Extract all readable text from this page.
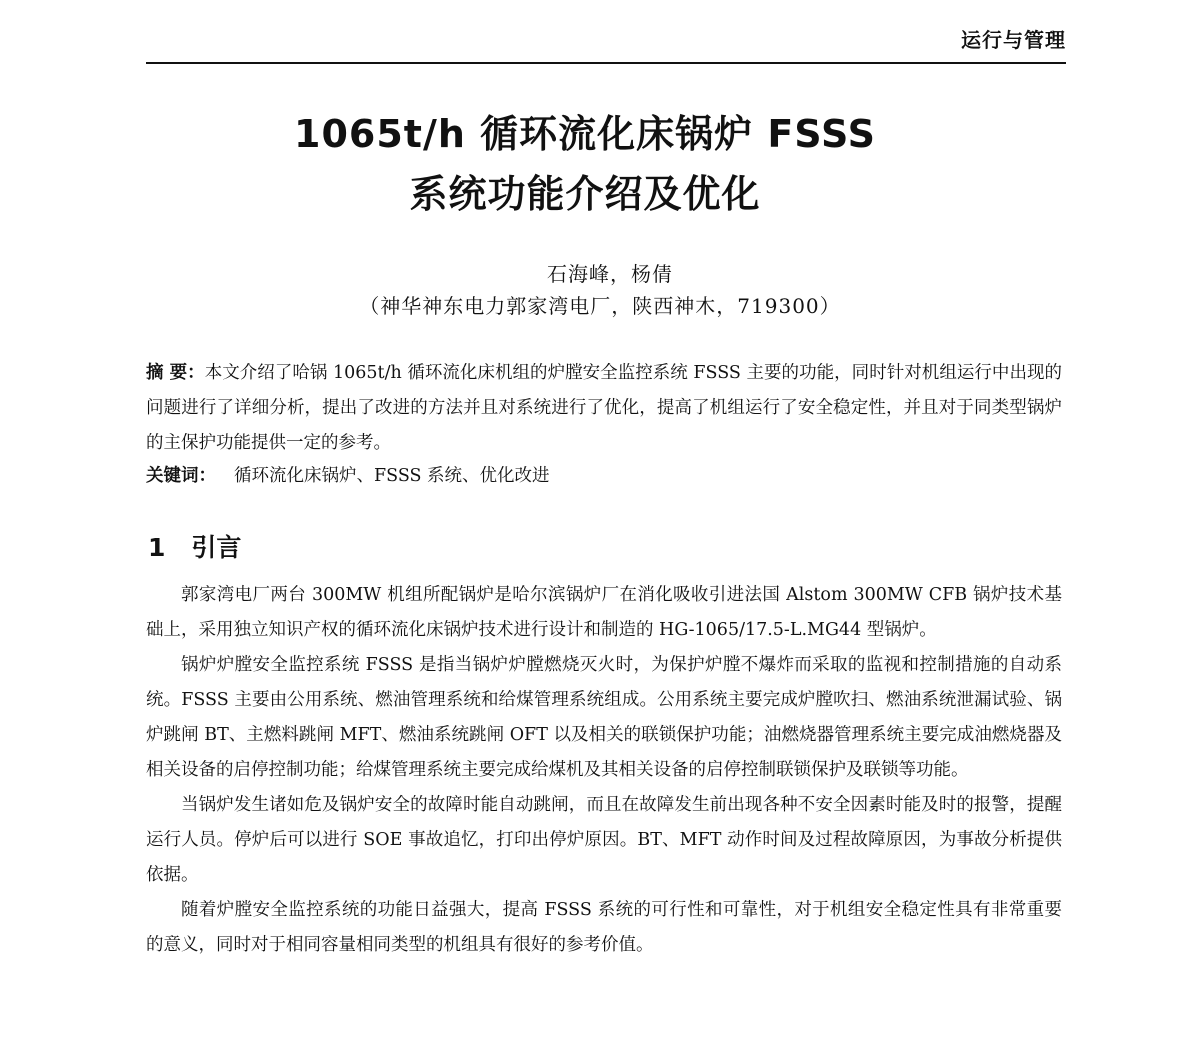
运行与管理
1065t/h 循环流化床锅炉 FSSS
系统功能介绍及优化
石海峰，杨倩
（神华神东电力郭家湾电厂，陕西神木，719300）
摘 要：本文介绍了哈锅 1065t/h 循环流化床机组的炉膛安全监控系统 FSSS 主要的功能，同时针对机组运行中出现的问题进行了详细分析，提出了改进的方法并且对系统进行了优化，提高了机组运行了安全稳定性，并且对于同类型锅炉的主保护功能提供一定的参考。
关键词： 循环流化床锅炉、FSSS 系统、优化改进
1 引言

郭家湾电厂两台 300MW 机组所配锅炉是哈尔滨锅炉厂在消化吸收引进法国 Alstom 300MW CFB 锅炉技术基础上，采用独立知识产权的循环流化床锅炉技术进行设计和制造的 HG-1065/17.5-L.MG44 型锅炉。

锅炉炉膛安全监控系统 FSSS 是指当锅炉炉膛燃烧灭火时，为保护炉膛不爆炸而采取的监视和控制措施的自动系统。FSSS 主要由公用系统、燃油管理系统和给煤管理系统组成。公用系统主要完成炉膛吹扫、燃油系统泄漏试验、锅炉跳闸 BT、主燃料跳闸 MFT、燃油系统跳闸 OFT 以及相关的联锁保护功能；油燃烧器管理系统主要完成油燃烧器及相关设备的启停控制功能；给煤管理系统主要完成给煤机及其相关设备的启停控制联锁保护及联锁等功能。

当锅炉发生诸如危及锅炉安全的故障时能自动跳闸，而且在故障发生前出现各种不安全因素时能及时的报警，提醒运行人员。停炉后可以进行 SOE 事故追忆，打印出停炉原因。BT、MFT 动作时间及过程故障原因，为事故分析提供依据。

随着炉膛安全监控系统的功能日益强大，提高 FSSS 系统的可行性和可靠性，对于机组安全稳定性具有非常重要的意义，同时对于相同容量相同类型的机组具有很好的参考价值。
